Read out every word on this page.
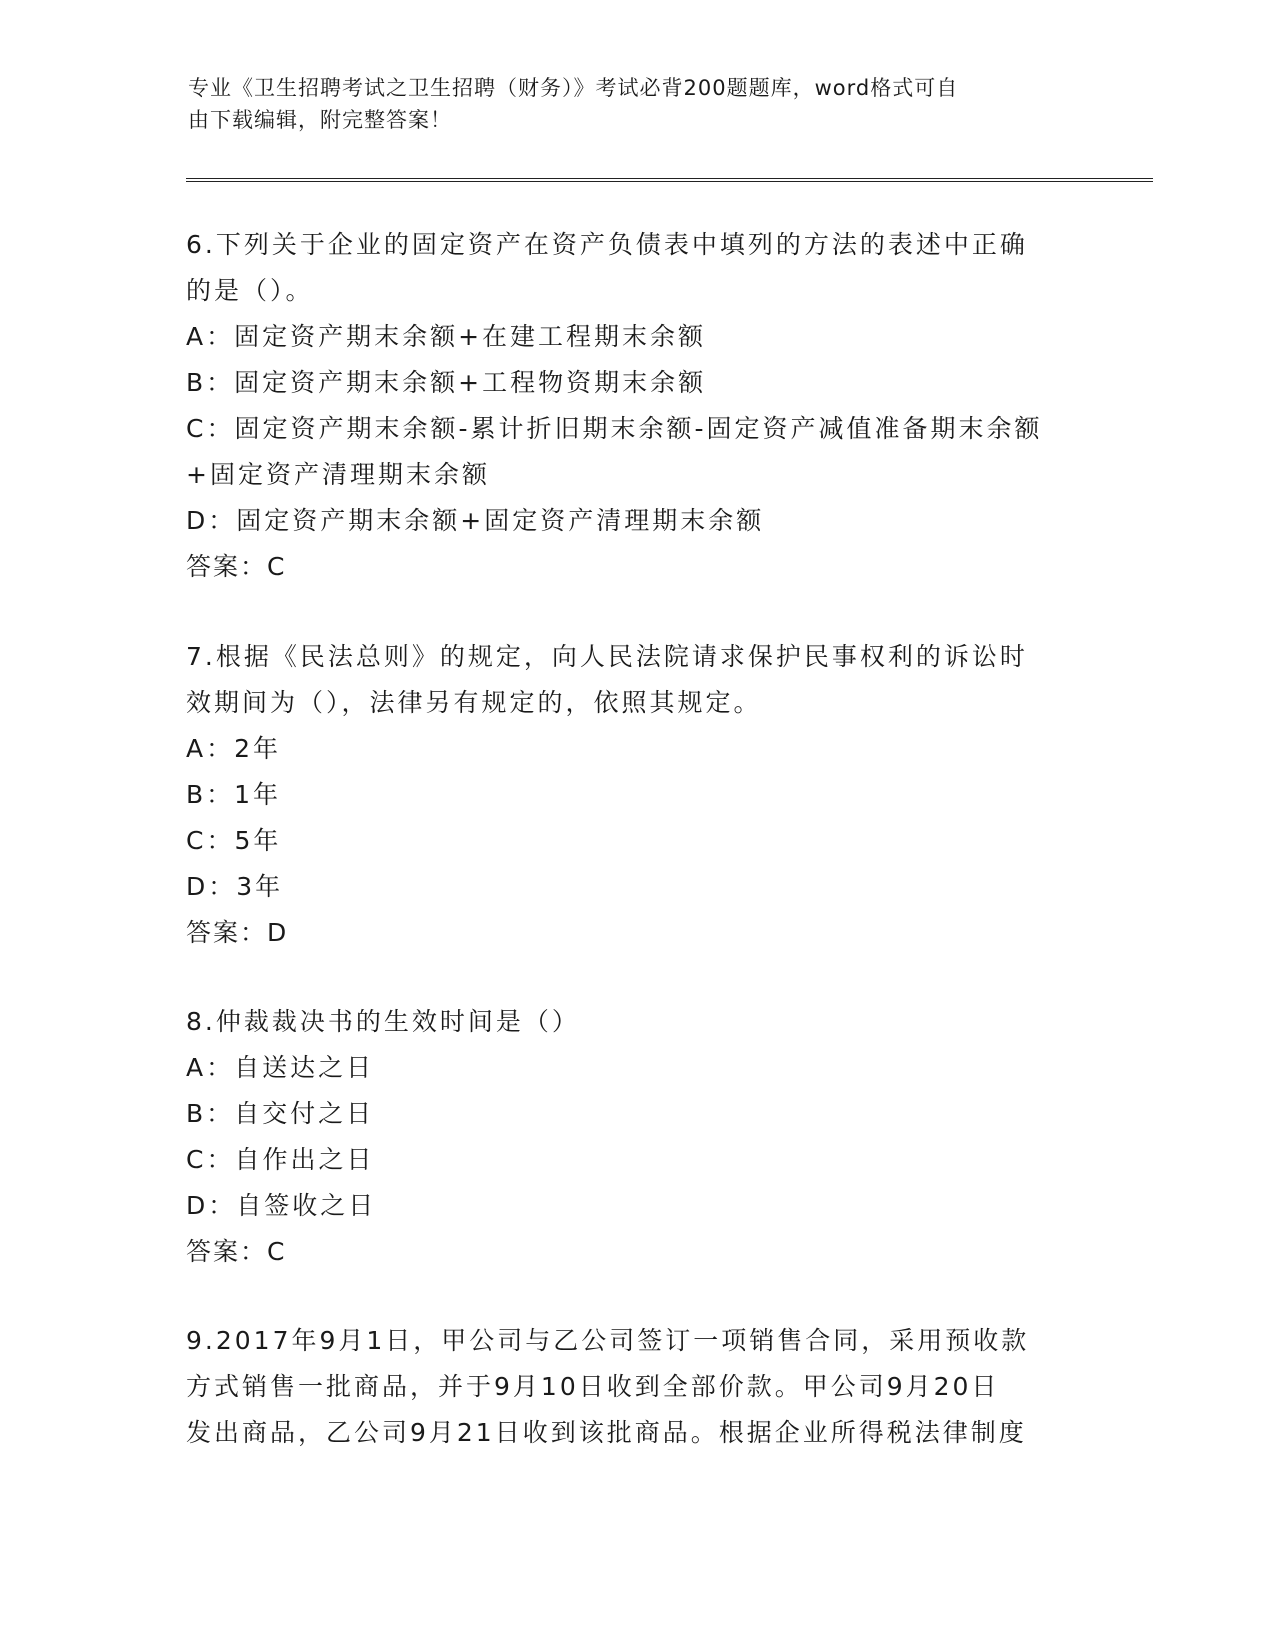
专业《卫生招聘考试之卫生招聘（财务）》考试必背200题题库，word格式可自
由下载编辑，附完整答案！
6.下列关于企业的固定资产在资产负债表中填列的方法的表述中正确
的是（）。
A：固定资产期末余额+在建工程期末余额
B：固定资产期末余额+工程物资期末余额
C：固定资产期末余额-累计折旧期末余额-固定资产减值准备期末余额
+固定资产清理期末余额
D：固定资产期末余额+固定资产清理期末余额
答案：C
7.根据《民法总则》的规定，向人民法院请求保护民事权利的诉讼时
效期间为（），法律另有规定的，依照其规定。
A：2年
B：1年
C：5年
D：3年
答案：D
8.仲裁裁决书的生效时间是（）
A：自送达之日
B：自交付之日
C：自作出之日
D：自签收之日
答案：C
9.2017年9月1日，甲公司与乙公司签订一项销售合同，采用预收款
方式销售一批商品，并于9月10日收到全部价款。甲公司9月20日
发出商品，乙公司9月21日收到该批商品。根据企业所得税法律制度
